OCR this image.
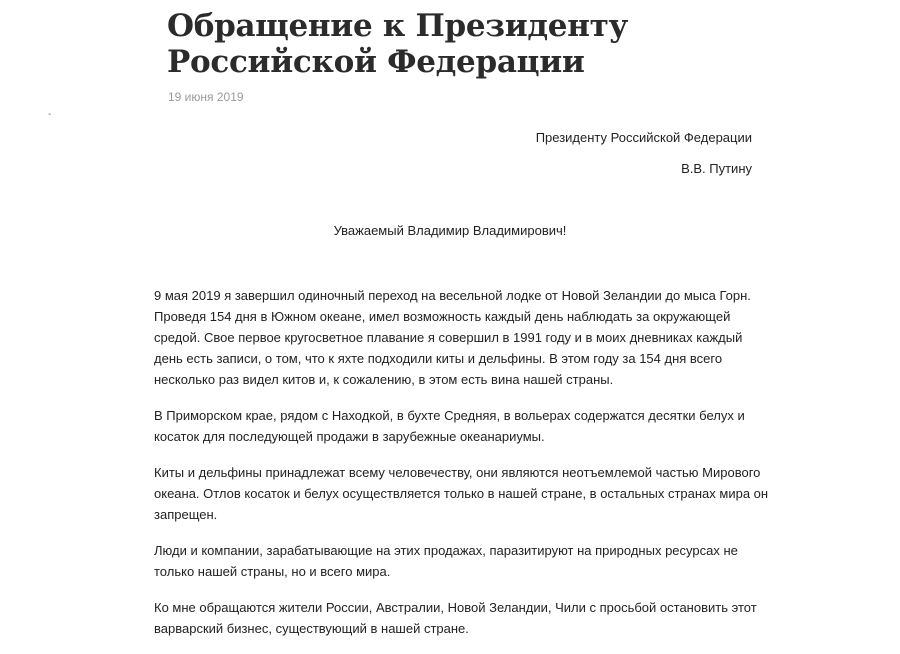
Обращение к Президенту Российской Федерации
19 июня 2019
-
Президенту Российской Федерации
В.В. Путину
Уважаемый Владимир Владимирович!

9 мая 2019 я завершил одиночный переход на весельной лодке от Новой Зеландии до мыса Горн. Проведя 154 дня в Южном океане, имел возможность каждый день наблюдать за окружающей средой. Свое первое кругосветное плавание я совершил в 1991 году и в моих дневниках каждый день есть записи, о том, что к яхте подходили киты и дельфины. В этом году за 154 дня всего несколько раз видел китов и, к сожалению, в этом есть вина нашей страны.

В Приморском крае, рядом с Находкой, в бухте Средняя, в вольерах содержатся десятки белух и косаток для последующей продажи в зарубежные океанариумы.

Киты и дельфины принадлежат всему человечеству, они являются неотъемлемой частью Мирового океана. Отлов косаток и белух осуществляется только в нашей стране, в остальных странах мира он запрещен.

Люди и компании, зарабатывающие на этих продажах, паразитируют на природных ресурсах не только нашей страны, но и всего мира.

Ко мне обращаются жители России, Австралии, Новой Зеландии, Чили с просьбой остановить этот варварский бизнес, существующий в нашей стране.
